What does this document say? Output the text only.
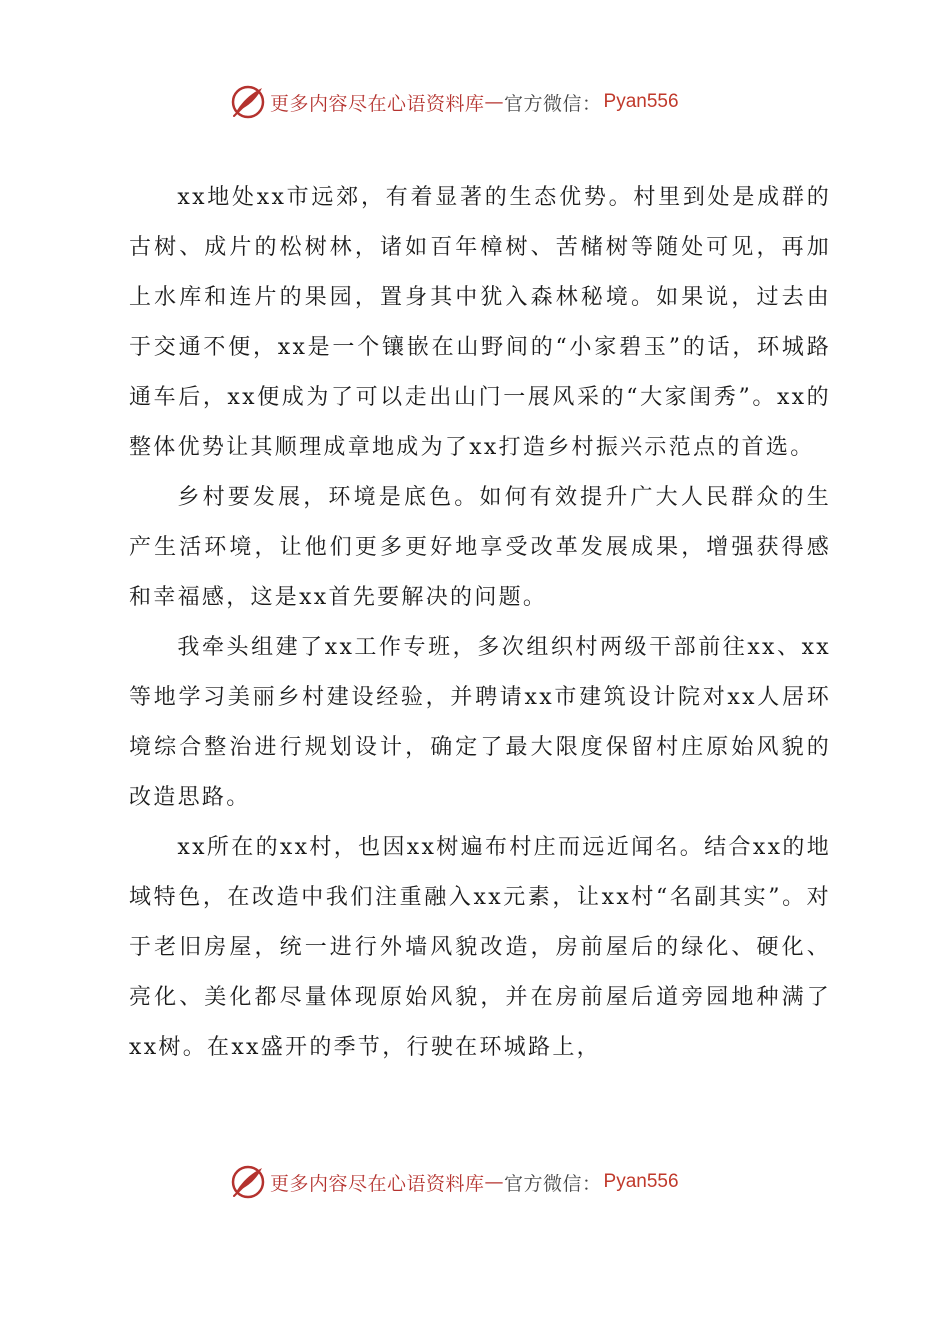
更多内容尽在心语资料库 — 官方微信： Pyan556

xx地处xx市远郊，有着显著的生态优势。村里到处是成群的古树、成片的松树林，诸如百年樟树、苦槠树等随处可见，再加上水库和连片的果园，置身其中犹入森林秘境。如果说，过去由于交通不便，xx是一个镶嵌在山野间的“小家碧玉”的话，环城路通车后，xx便成为了可以走出山门一展风采的“大家闺秀”。xx的整体优势让其顺理成章地成为了xx打造乡村振兴示范点的首选。

乡村要发展，环境是底色。如何有效提升广大人民群众的生产生活环境，让他们更多更好地享受改革发展成果，增强获得感和幸福感，这是xx首先要解决的问题。

我牵头组建了xx工作专班，多次组织村两级干部前往xx、xx等地学习美丽乡村建设经验，并聘请xx市建筑设计院对xx人居环境综合整治进行规划设计，确定了最大限度保留村庄原始风貌的改造思路。

xx所在的xx村，也因xx树遍布村庄而远近闻名。结合xx的地域特色，在改造中我们注重融入xx元素，让xx村“名副其实”。对于老旧房屋，统一进行外墙风貌改造，房前屋后的绿化、硬化、亮化、美化都尽量体现原始风貌，并在房前屋后道旁园地种满了xx树。在xx盛开的季节，行驶在环城路上，

更多内容尽在心语资料库 — 官方微信： Pyan556
